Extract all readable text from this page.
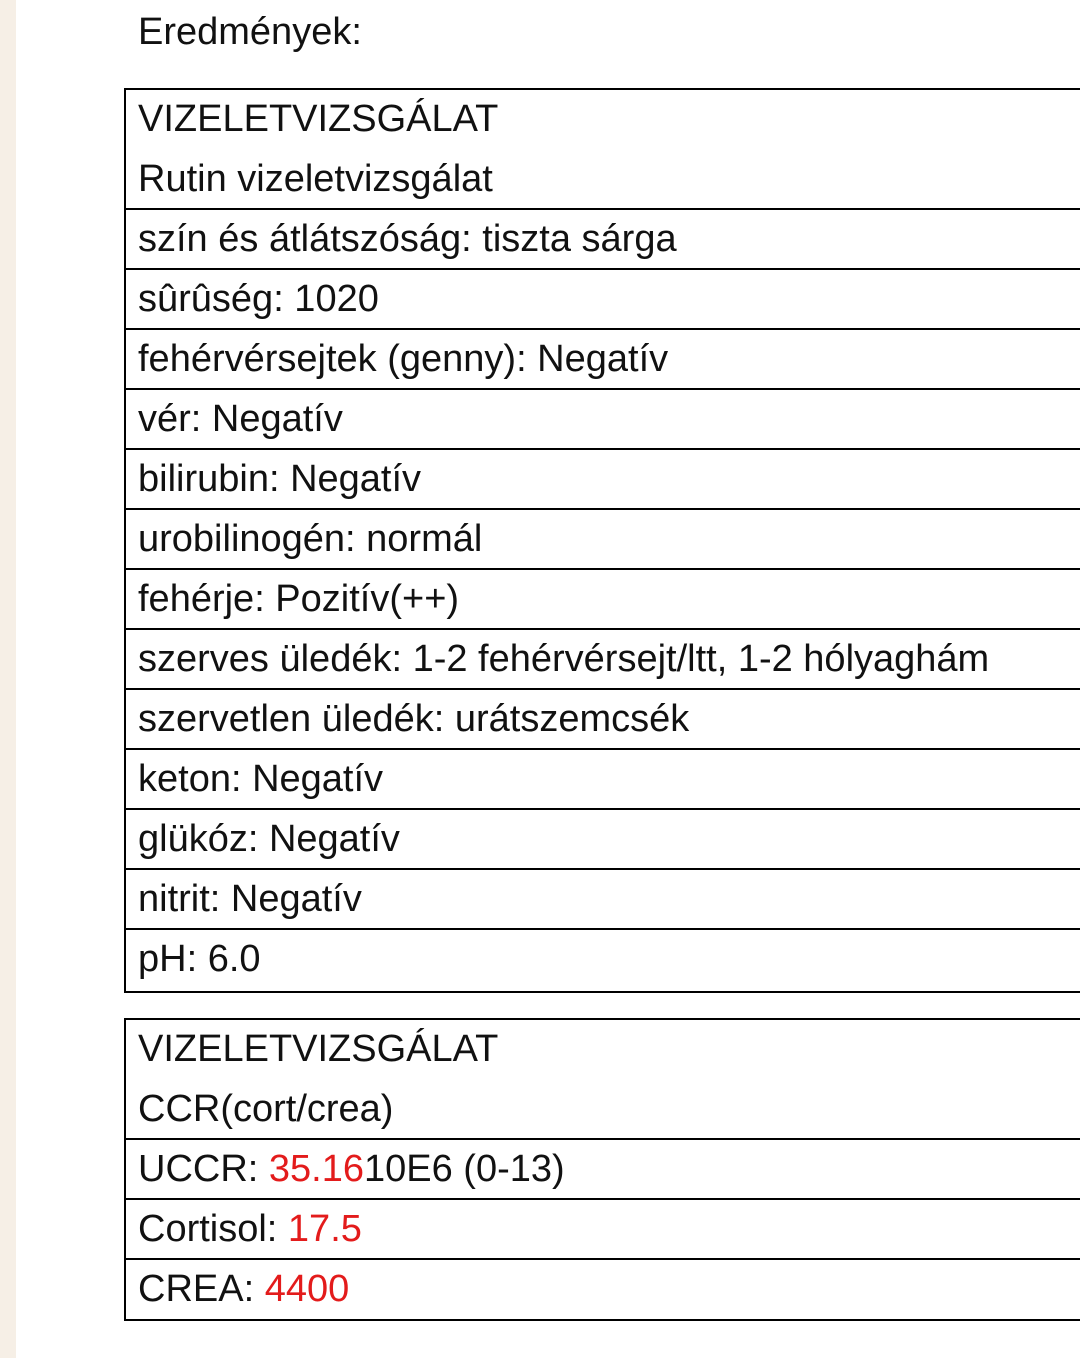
Eredmények:
VIZELETVIZSGÁLAT
Rutin vizeletvizsgálat
szín és átlátszóság: tiszta sárga
sûrûség: 1020
fehérvérsejtek (genny): Negatív
vér: Negatív
bilirubin: Negatív
urobilinogén: normál
fehérje: Pozitív(++)
szerves üledék: 1-2 fehérvérsejt/ltt, 1-2 hólyaghám
szervetlen üledék: urátszemcsék
keton: Negatív
glükóz: Negatív
nitrit: Negatív
pH: 6.0
VIZELETVIZSGÁLAT
CCR(cort/crea)
UCCR: 35.1610E6 (0-13)
Cortisol: 17.5
CREA: 4400
